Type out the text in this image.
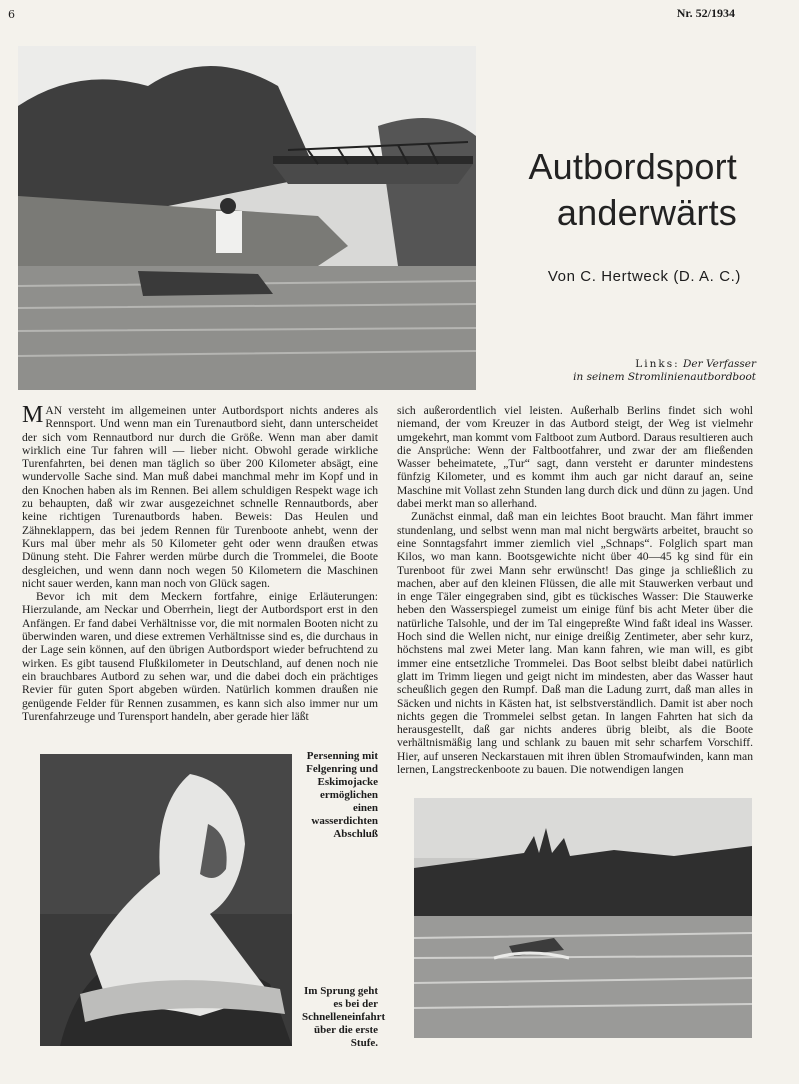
6	Nr. 52/1934
Autbordsport
anderwärts
Von C. Hertweck (D. A. C.)
Links: Der Verfasser
in seinem Stromlinienautbordboot

MAN versteht im allgemeinen unter Autbordsport nichts anderes als Rennsport. Und wenn man ein Turenautbord sieht, dann unterscheidet der sich vom Rennautbord nur durch die Größe. Wenn man aber damit wirklich eine Tur fahren will — lieber nicht. Obwohl gerade wirkliche Turenfahrten, bei denen man täglich so über 200 Kilometer absägt, eine wundervolle Sache sind. Man muß dabei manchmal mehr im Kopf und in den Knochen haben als im Rennen. Bei allem schuldigen Respekt wage ich zu behaupten, daß wir zwar ausgezeichnet schnelle Rennautbords, aber keine richtigen Turenautbords haben. Beweis: Das Heulen und Zähneklappern, das bei jedem Rennen für Turenboote anhebt, wenn der Kurs mal über mehr als 50 Kilometer geht oder wenn draußen etwas Dünung steht. Die Fahrer werden mürbe durch die Trommelei, die Boote desgleichen, und wenn dann noch wegen 50 Kilometern die Maschinen nicht sauer werden, kann man noch von Glück sagen.

Bevor ich mit dem Meckern fortfahre, einige Erläuterungen: Hierzulande, am Neckar und Oberrhein, liegt der Autbordsport erst in den Anfängen. Er fand dabei Verhältnisse vor, die mit normalen Booten nicht zu überwinden waren, und diese extremen Verhältnisse sind es, die durchaus in der Lage sein können, auf den übrigen Autbordsport wieder befruchtend zu wirken. Es gibt tausend Flußkilometer in Deutschland, auf denen noch nie ein brauchbares Autbord zu sehen war, und die dabei doch ein prächtiges Revier für guten Sport abgeben würden. Natürlich kommen draußen nie genügende Felder für Rennen zusammen, es kann sich also immer nur um Turenfahrzeuge und Turensport handeln, aber gerade hier läßt

sich außerordentlich viel leisten. Außerhalb Berlins findet sich wohl niemand, der vom Kreuzer in das Autbord steigt, der Weg ist vielmehr umgekehrt, man kommt vom Faltboot zum Autbord. Daraus resultieren auch die Ansprüche: Wenn der Faltbootfahrer, und zwar der am fließenden Wasser beheimatete, „Tur“ sagt, dann versteht er darunter mindestens fünfzig Kilometer, und es kommt ihm auch gar nicht darauf an, seine Maschine mit Vollast zehn Stunden lang durch dick und dünn zu jagen. Und dabei merkt man so allerhand.

Zunächst einmal, daß man ein leichtes Boot braucht. Man fährt immer stundenlang, und selbst wenn man mal nicht bergwärts arbeitet, braucht so eine Sonntagsfahrt immer ziemlich viel „Schnaps“. Folglich spart man Kilos, wo man kann. Bootsgewichte nicht über 40—45 kg sind für ein Turenboot für zwei Mann sehr erwünscht! Das ginge ja schließlich zu machen, aber auf den kleinen Flüssen, die alle mit Stauwerken verbaut und in enge Täler eingegraben sind, gibt es tückisches Wasser: Die Stauwerke heben den Wasserspiegel zumeist um einige fünf bis acht Meter über die natürliche Talsohle, und der im Tal eingepreßte Wind faßt ideal ins Wasser. Hoch sind die Wellen nicht, nur einige dreißig Zentimeter, aber sehr kurz, höchstens mal zwei Meter lang. Man kann fahren, wie man will, es gibt immer eine entsetzliche Trommelei. Das Boot selbst bleibt dabei natürlich glatt im Trimm liegen und geigt nicht im mindesten, aber das Wasser haut scheußlich gegen den Rumpf. Daß man die Ladung zurrt, daß man alles in Säcken und nichts in Kästen hat, ist selbstverständlich. Damit ist aber noch nichts gegen die Trommelei selbst getan. In langen Fahrten hat sich da herausgestellt, daß gar nichts anderes übrig bleibt, als die Boote verhältnismäßig lang und schlank zu bauen mit sehr scharfem Vorschiff. Hier, auf unseren Neckarstauen mit ihren üblen Stromaufwinden, kann man lernen, Langstreckenboote zu bauen. Die notwendigen langen

Persenning mit Felgenring und Eskimojacke ermöglichen einen wasserdichten Abschluß
Im Sprung geht es bei der Schnelleneinfahrt über die erste Stufe.
